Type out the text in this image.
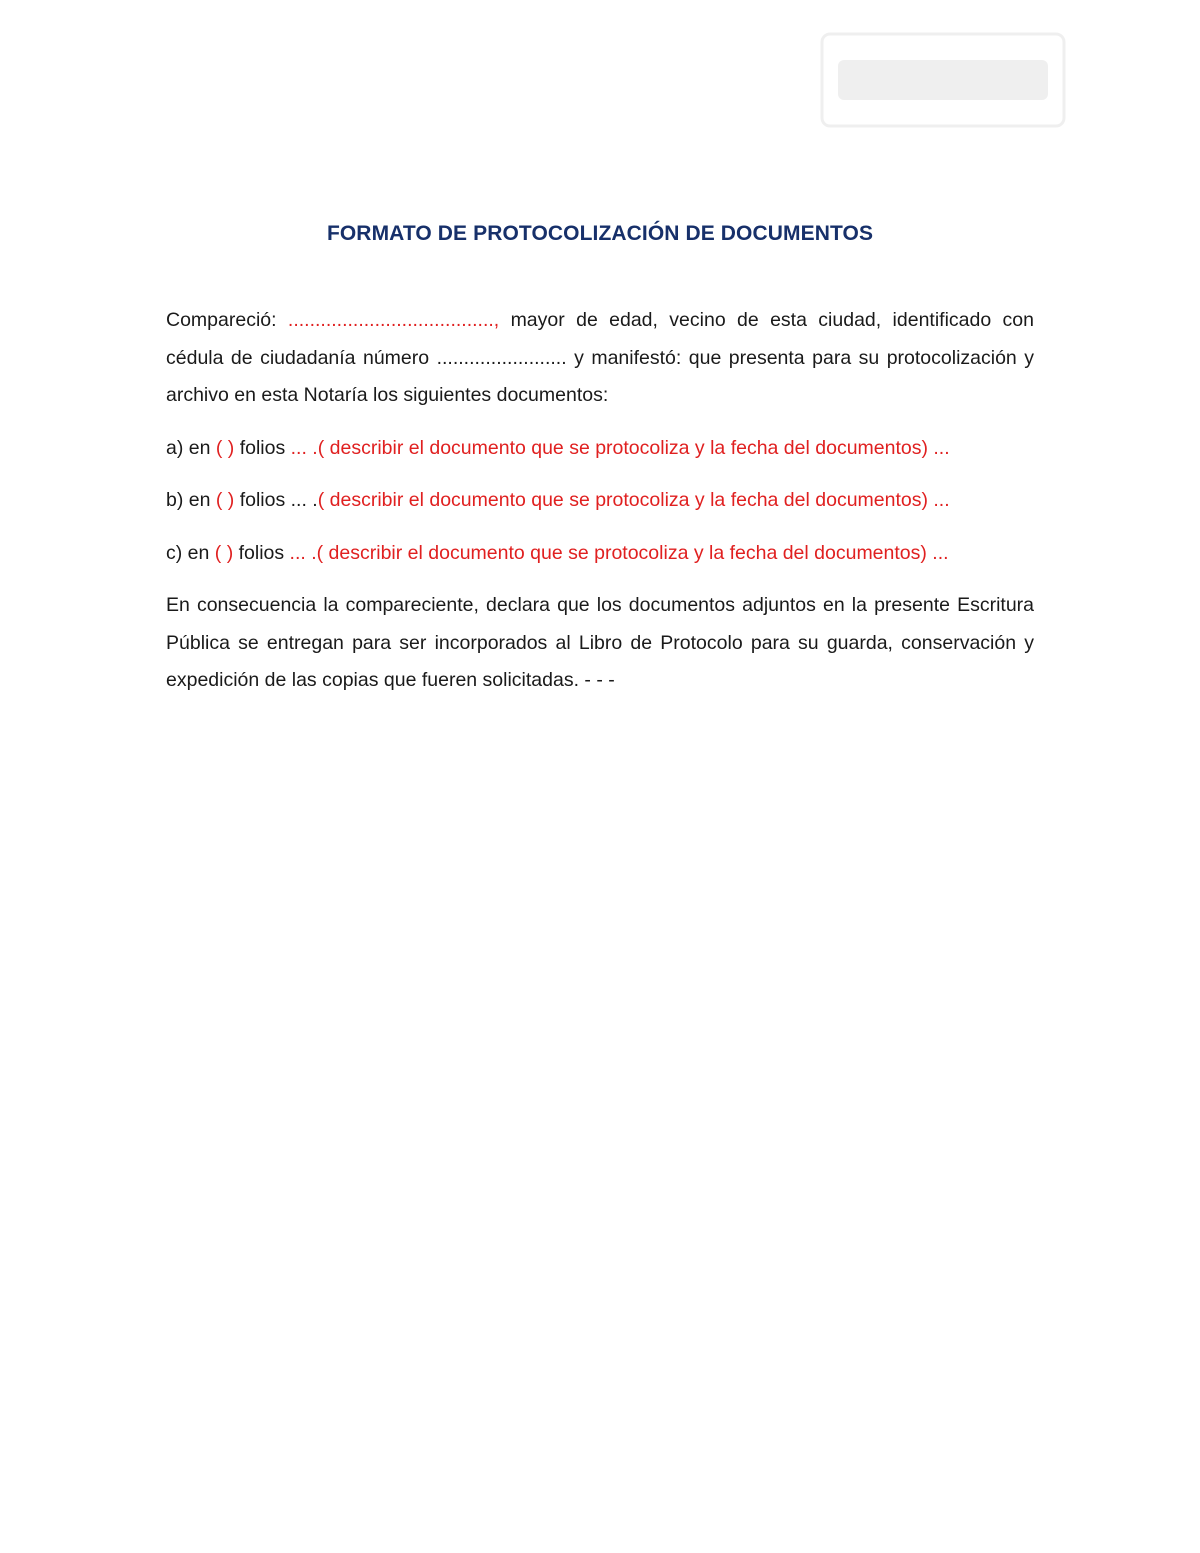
FORMATO DE PROTOCOLIZACIÓN DE DOCUMENTOS

Compareció: ......................................, mayor de edad, vecino de esta ciudad, identificado con cédula de ciudadanía número ........................ y manifestó: que presenta para su protocolización y archivo en esta Notaría los siguientes documentos:

a) en ( ) folios ... .( describir el documento que se protocoliza y la fecha del documentos) ...

b) en ( ) folios ... .( describir el documento que se protocoliza y la fecha del documentos) ...

c) en ( ) folios ... .( describir el documento que se protocoliza y la fecha del documentos) ...

En consecuencia la compareciente, declara que los documentos adjuntos en la presente Escritura Pública se entregan para ser incorporados al Libro de Protocolo para su guarda, conservación y expedición de las copias que fueren solicitadas. - - -
